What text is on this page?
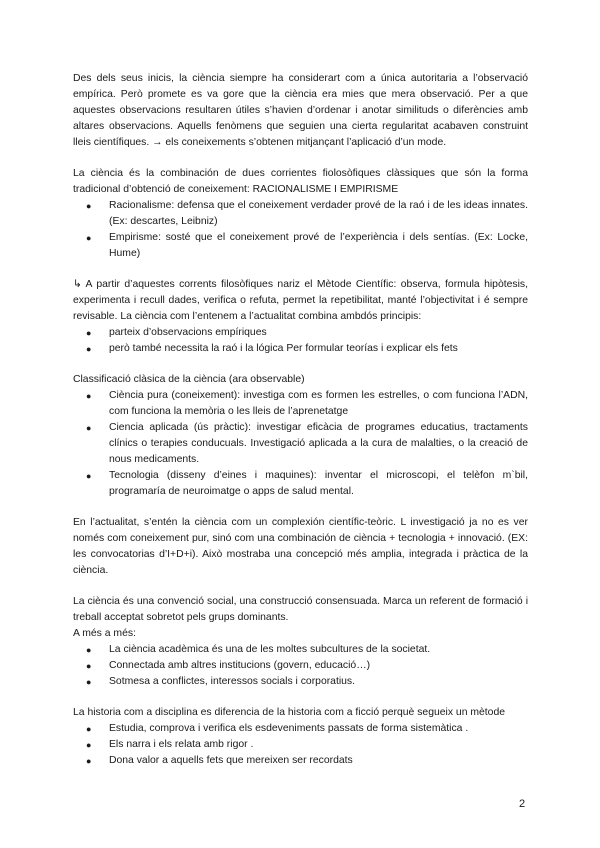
Des dels seus inicis, la ciència siempre ha considerart com a única autoritaria a l’observació empírica. Però promete es va gore que la ciència era mies que mera observació. Per a que aquestes observacions resultaren útiles s’havien d’ordenar i anotar similituds o diferències amb altares observacions. Aquells fenòmens que seguien una cierta regularitat acabaven construint lleis científiques. → els coneixements s’obtenen mitjançant l’aplicació d’un mode.

La ciència és la combinación de dues corrientes fiolosòfiques clàssiques que són la forma tradicional d’obtenció de coneixement: RACIONALISME I EMPIRISME

● Racionalisme: defensa que el coneixement verdader prové de la raó i de les ideas innates. (Ex: descartes, Leibniz)
● Empirisme: sosté que el coneixement prové de l’experiència i dels sentías. (Ex: Locke, Hume)

↳ A partir d’aquestes corrents filosòfiques nariz el Mètode Científic: observa, formula hipòtesis, experimenta i recull dades, verifica o refuta, permet la repetibilitat, manté l’objectivitat i é sempre revisable. La ciència com l’entenem a l’actualitat combina ambdós principis:

● parteix d’observacions empíriques
● però també necessita la raó i la lógica Per formular teorías i explicar els fets

Classificació clàsica de la ciència (ara observable)

● Ciència pura (coneixement): investiga com es formen les estrelles, o com funciona l’ADN, com funciona la memòria o les lleis de l’aprenetatge
● Ciencia aplicada (ús pràctic): investigar eficàcia de programes educatius, tractaments clínics o terapies conducuals. Investigació aplicada a la cura de malalties, o la creació de nous medicaments.
● Tecnologia (disseny d’eines i maquines): inventar el microscopi, el telèfon m`bil, programaría de neuroimatge o apps de salud mental.

En l’actualitat, s’entén la ciència com un complexión científic-teòric. L investigació ja no es ver només com coneixement pur, sinó com una combinación de ciència + tecnologia + innovació. (EX: les convocatorias d’I+D+i). Això mostraba una concepció més amplia, integrada i pràctica de la ciència.

La ciència és una convenció social, una construcció consensuada. Marca un referent de formació i treball acceptat sobretot pels grups dominants.

A més a més:

● La ciència acadèmica és una de les moltes subcultures de la societat.
● Connectada amb altres institucions (govern, educació…)
● Sotmesa a conflictes, interessos socials i corporatius.

La historia com a disciplina es diferencia de la historia com a ficció perquè segueix un mètode

● Estudia, comprova i verifica els esdeveniments passats de forma sistemàtica .
● Els narra i els relata amb rigor .
● Dona valor a aquells fets que mereixen ser recordats
2
